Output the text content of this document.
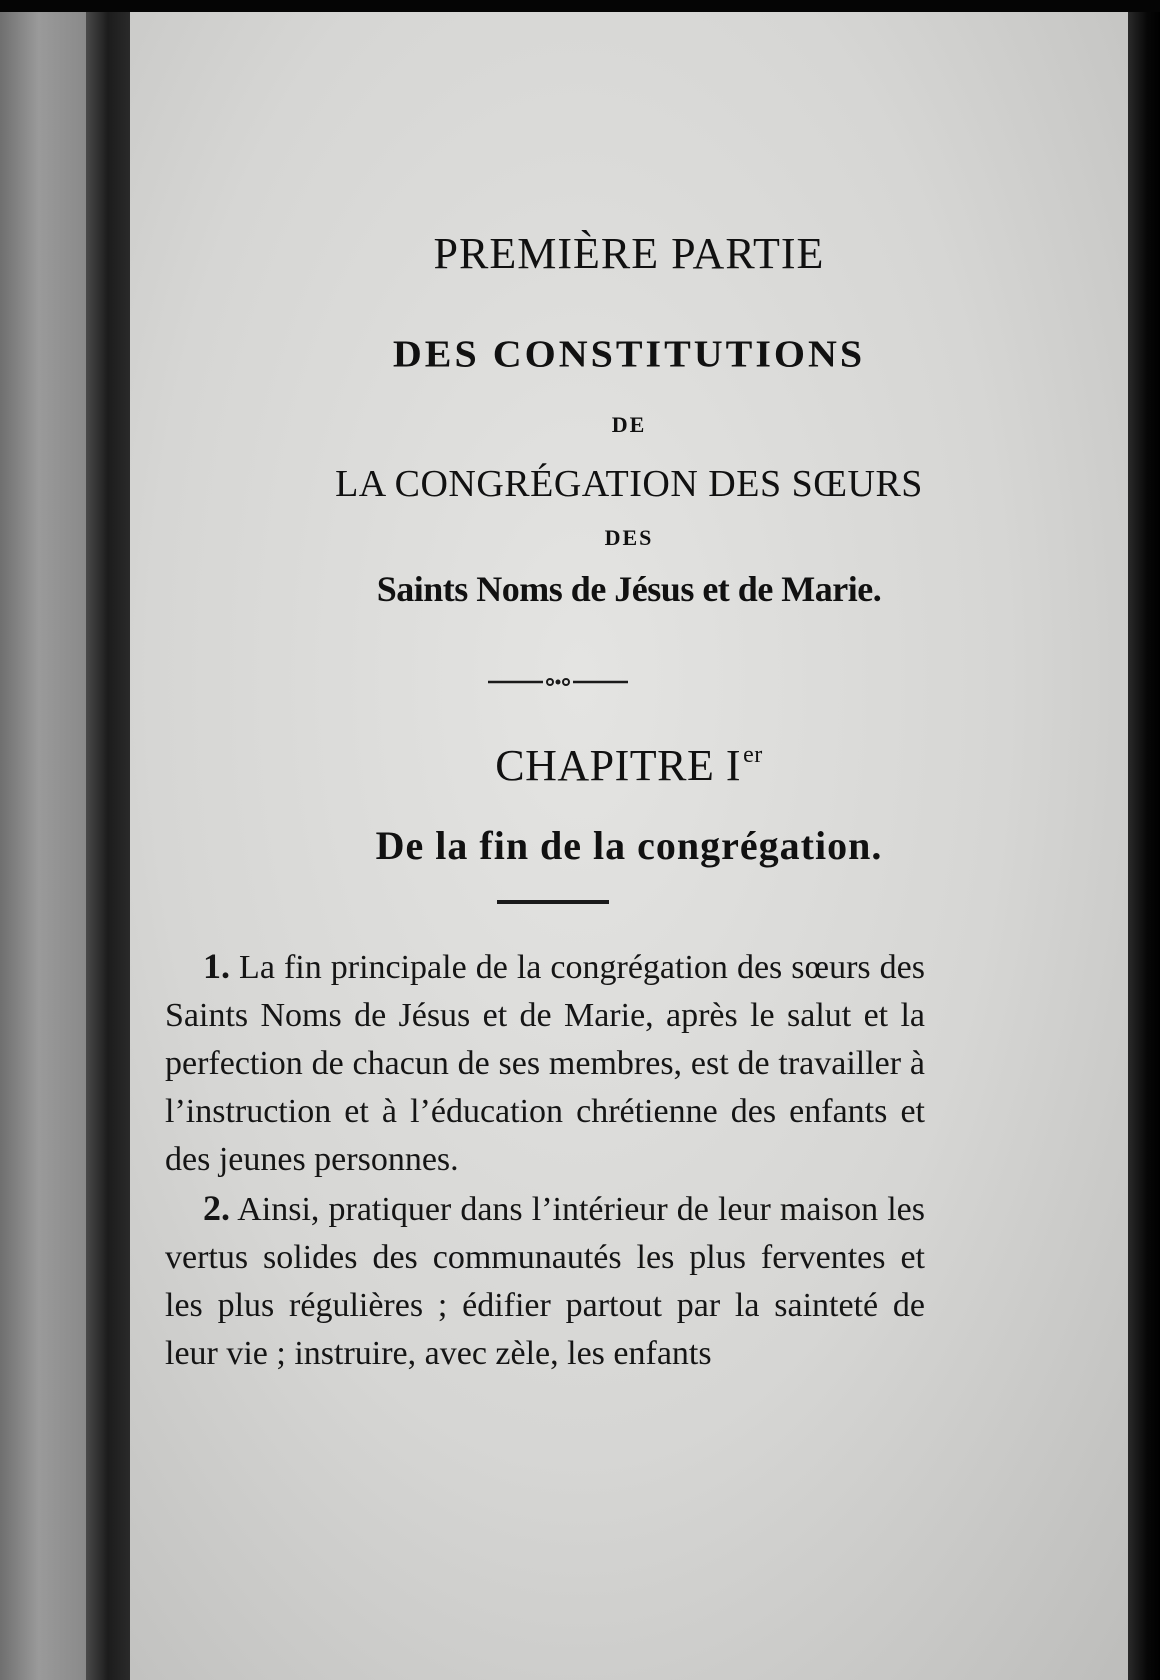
PREMIÈRE PARTIE
DES CONSTITUTIONS
DE
LA CONGRÉGATION DES SŒURS
DES
Saints Noms de Jésus et de Marie.
CHAPITRE Ier
De la fin de la congrégation.

1. La fin principale de la congrégation des sœurs des Saints Noms de Jésus et de Marie, après le salut et la perfection de chacun de ses membres, est de travailler à l’instruction et à l’éducation chrétienne des enfants et des jeunes personnes.

2. Ainsi, pratiquer dans l’intérieur de leur maison les vertus solides des communautés les plus ferventes et les plus régulières ; édifier partout par la sainteté de leur vie ; instruire, avec zèle, les enfants
